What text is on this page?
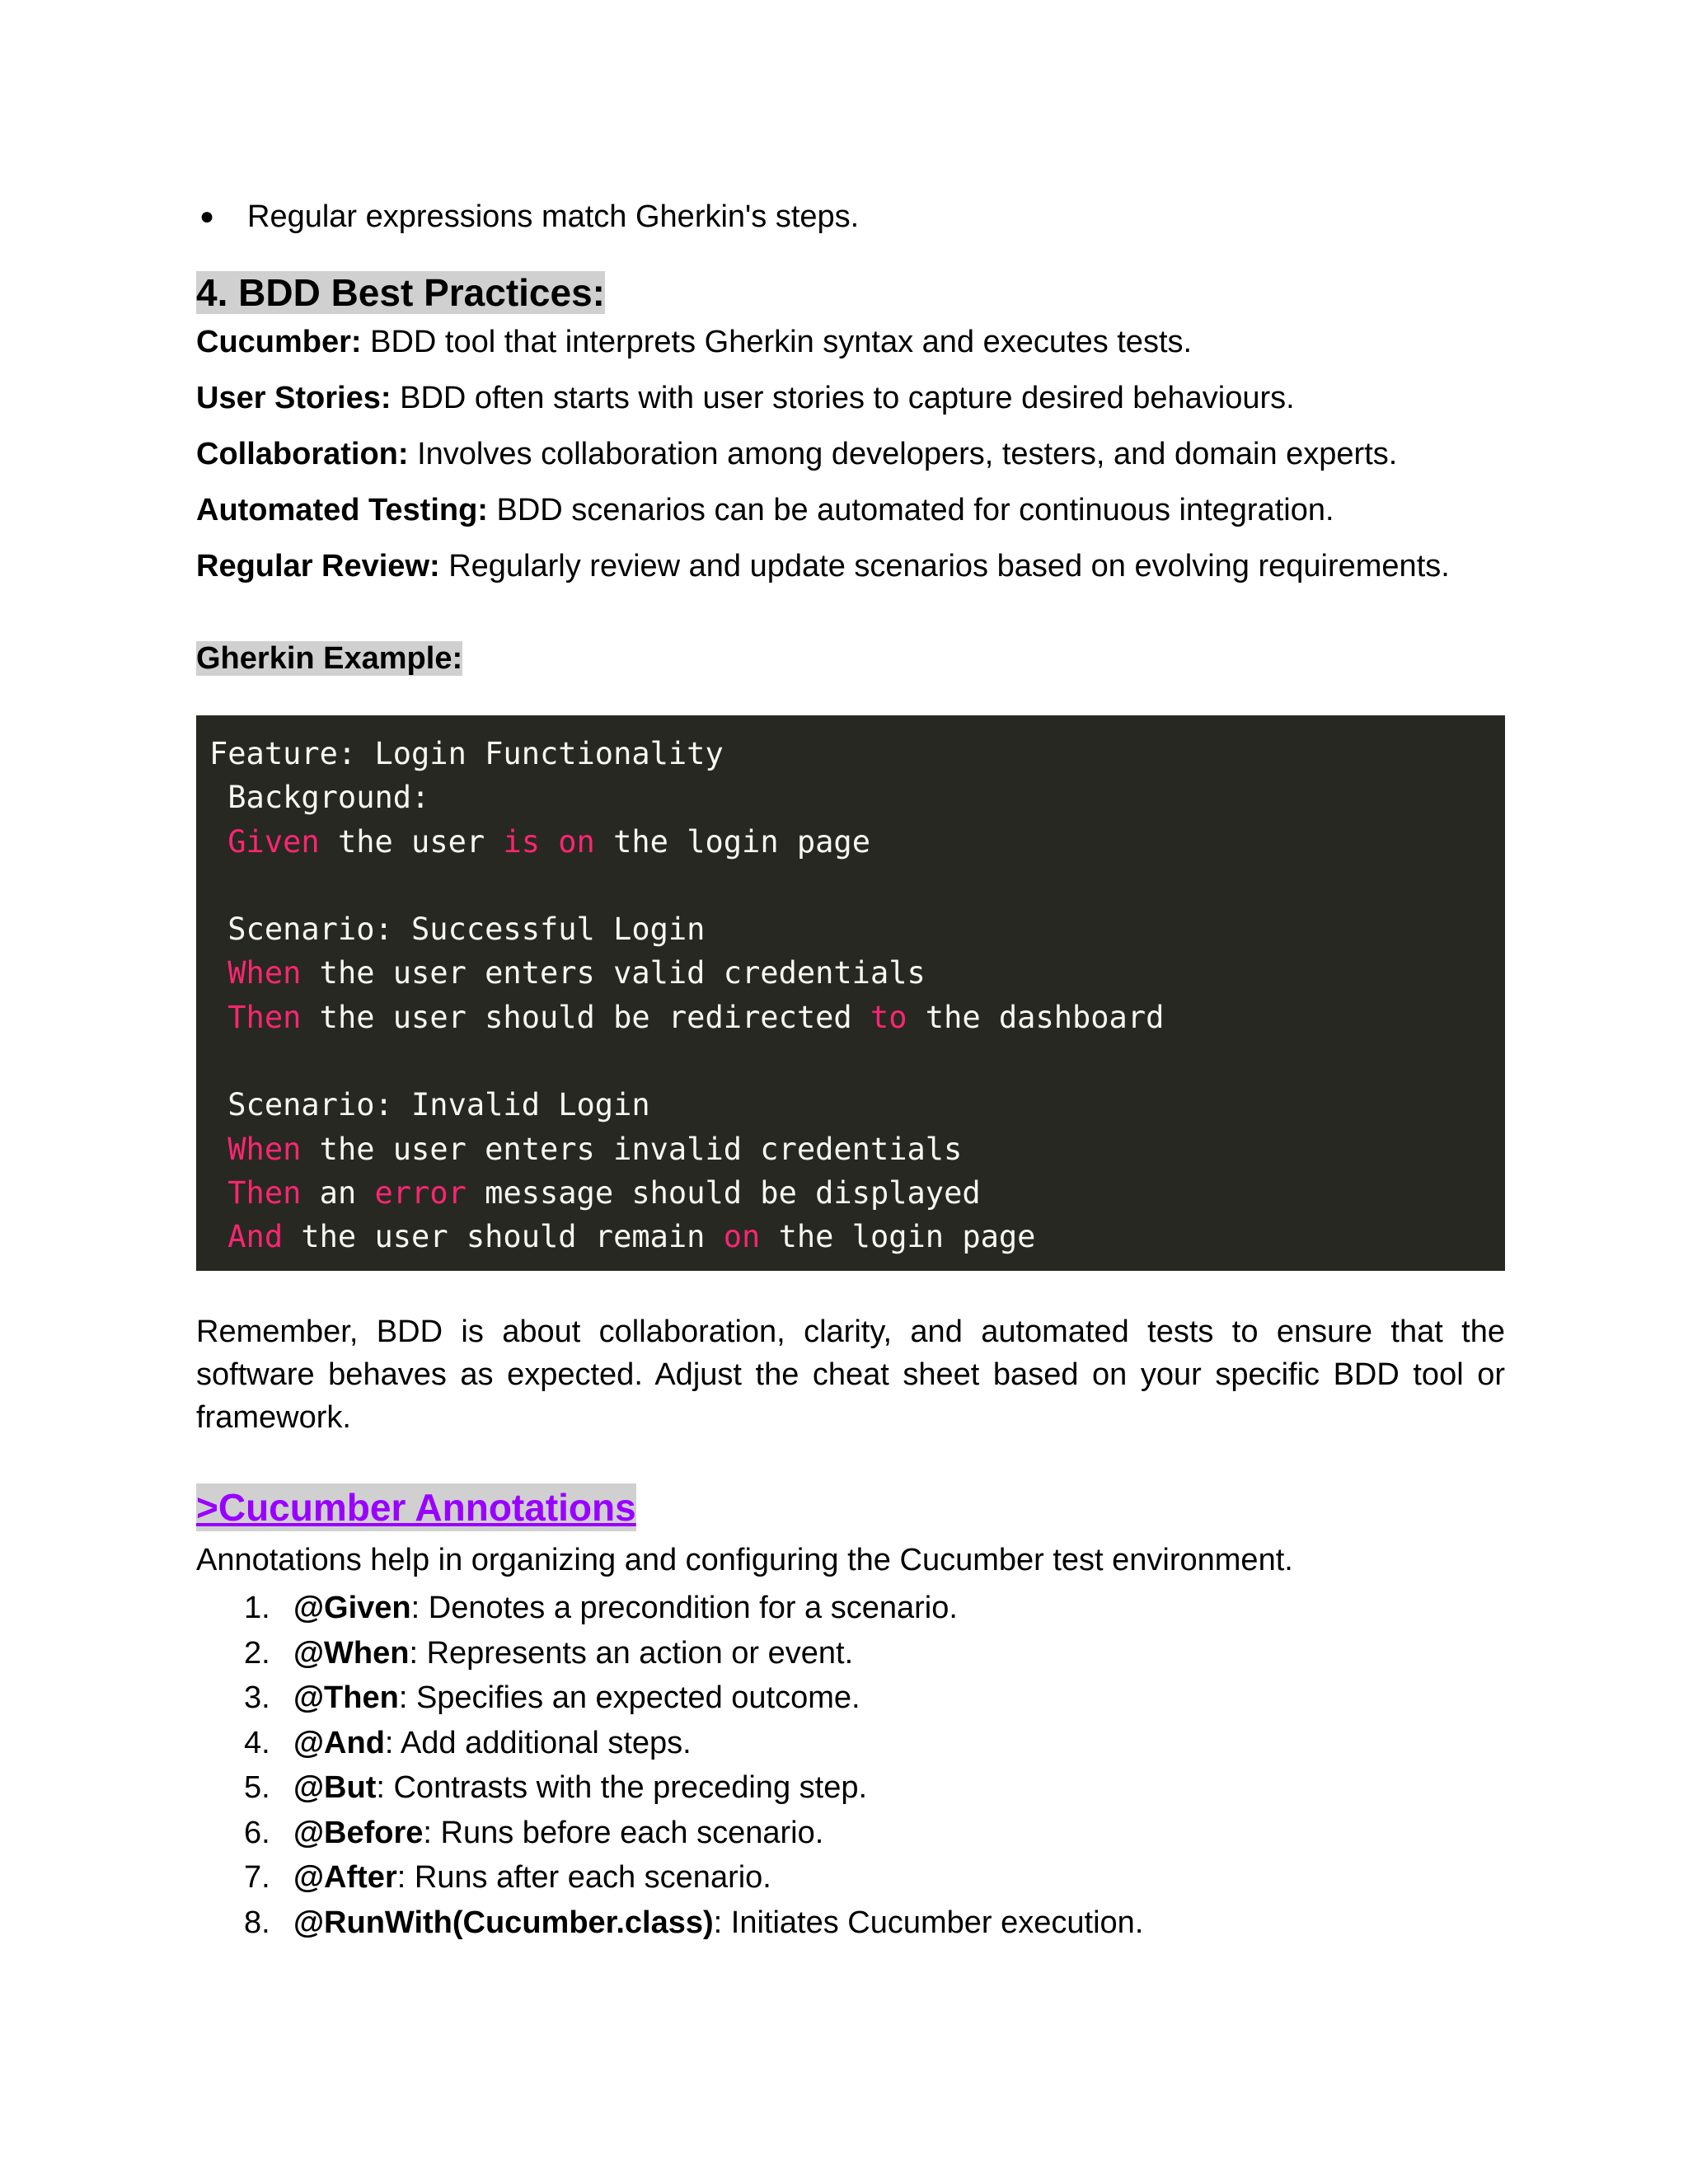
● Regular expressions match Gherkin's steps.
4. BDD Best Practices:
Cucumber: BDD tool that interprets Gherkin syntax and executes tests.
User Stories: BDD often starts with user stories to capture desired behaviours.
Collaboration: Involves collaboration among developers, testers, and domain experts.
Automated Testing: BDD scenarios can be automated for continuous integration.
Regular Review: Regularly review and update scenarios based on evolving requirements.
Gherkin Example:
Feature: Login Functionality
Background:
Given the user is on the login page
Scenario: Successful Login
When the user enters valid credentials
Then the user should be redirected to the dashboard
Scenario: Invalid Login
When the user enters invalid credentials
Then an error message should be displayed
And the user should remain on the login page
Remember, BDD is about collaboration, clarity, and automated tests to ensure that the software behaves as expected. Adjust the cheat sheet based on your specific BDD tool or framework.
>Cucumber Annotations
Annotations help in organizing and configuring the Cucumber test environment.
1. @Given: Denotes a precondition for a scenario.
2. @When: Represents an action or event.
3. @Then: Specifies an expected outcome.
4. @And: Add additional steps.
5. @But: Contrasts with the preceding step.
6. @Before: Runs before each scenario.
7. @After: Runs after each scenario.
8. @RunWith(Cucumber.class): Initiates Cucumber execution.
